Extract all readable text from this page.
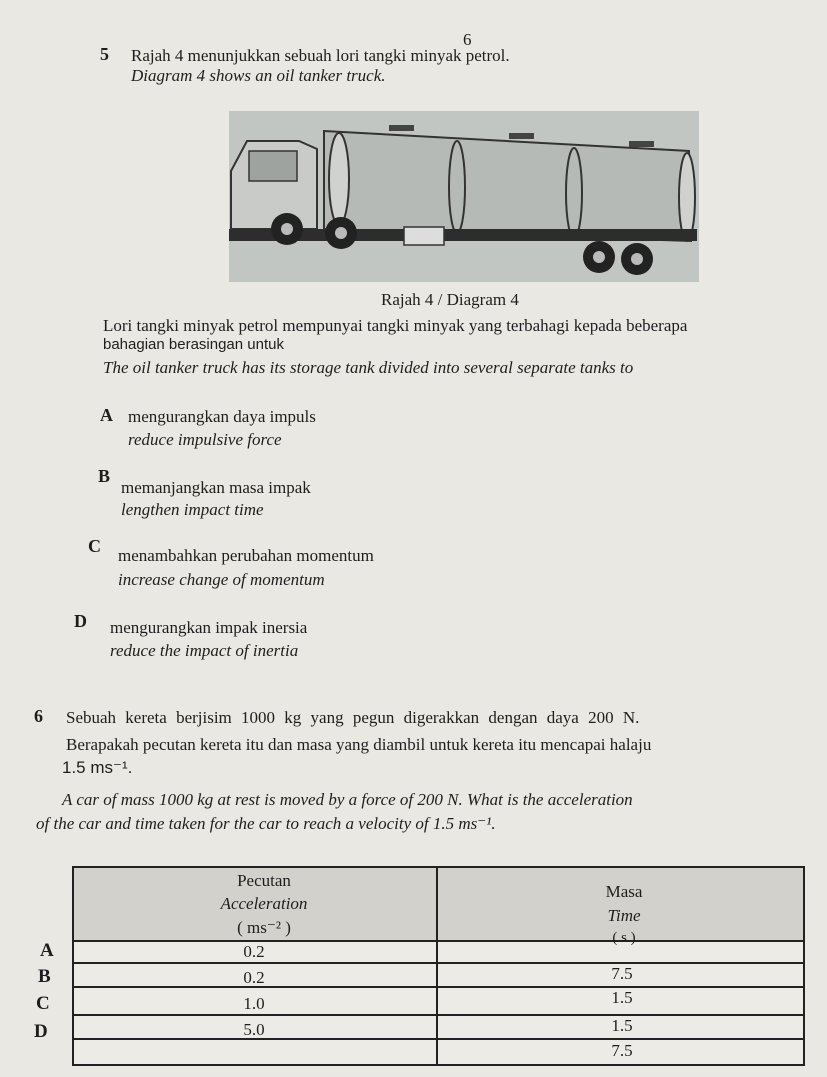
6
5 Rajah 4 menunjukkan sebuah lori tangki minyak petrol.
Diagram 4 shows an oil tanker truck.
Rajah 4 / Diagram 4
Lori tangki minyak petrol mempunyai tangki minyak yang terbahagi kepada beberapa
bahagian berasingan untuk
The oil tanker truck has its storage tank divided into several separate tanks to
A mengurangkan daya impuls
reduce impulsive force
B
memanjangkan masa impak
lengthen impact time
C menambahkan perubahan momentum
increase change of momentum
D mengurangkan impak inersia
reduce the impact of inertia
6 Sebuah kereta berjisim 1000 kg yang pegun digerakkan dengan daya 200 N.
Berapakah pecutan kereta itu dan masa yang diambil untuk kereta itu mencapai halaju
1.5 ms⁻¹.
A car of mass 1000 kg at rest is moved by a force of 200 N. What is the acceleration
of the car and time taken for the car to reach a velocity of 1.5 ms⁻¹.
Pecutan
Acceleration
( ms⁻² )
Masa
Time
( s )
0.2
0.2
1.0
5.0
7.5
1.5
1.5
7.5
A
B
C
D
